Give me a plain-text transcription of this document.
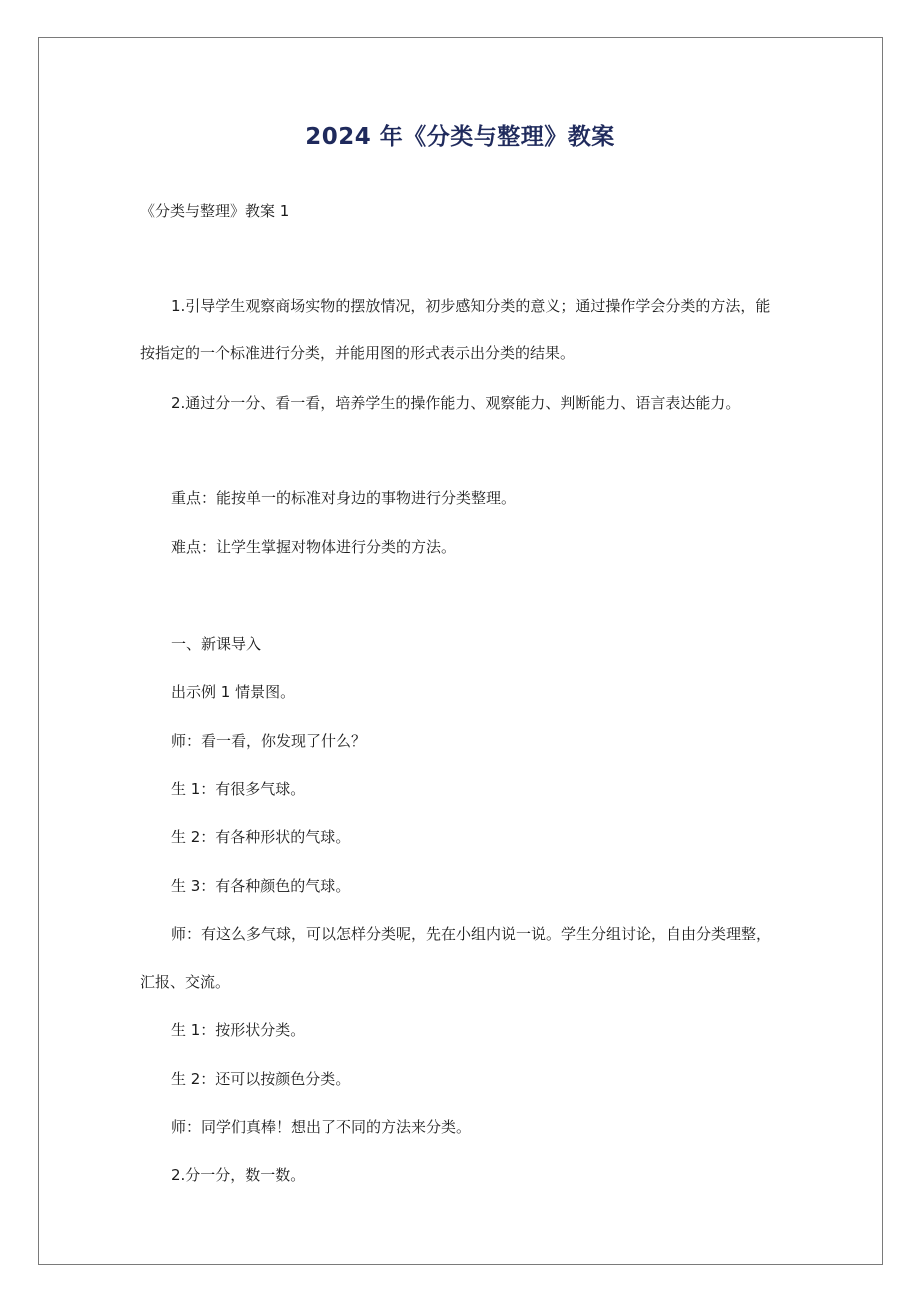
2024 年《分类与整理》教案
《分类与整理》教案 1
1.引导学生观察商场实物的摆放情况，初步感知分类的意义；通过操作学会分类的方法，能
按指定的一个标准进行分类，并能用图的形式表示出分类的结果。
2.通过分一分、看一看，培养学生的操作能力、观察能力、判断能力、语言表达能力。
重点：能按单一的标准对身边的事物进行分类整理。
难点：让学生掌握对物体进行分类的方法。
一、新课导入
出示例 1 情景图。
师：看一看，你发现了什么？
生 1：有很多气球。
生 2：有各种形状的气球。
生 3：有各种颜色的气球。
师：有这么多气球，可以怎样分类呢，先在小组内说一说。学生分组讨论，自由分类理整，
汇报、交流。
生 1：按形状分类。
生 2：还可以按颜色分类。
师：同学们真棒！想出了不同的方法来分类。
2.分一分，数一数。
